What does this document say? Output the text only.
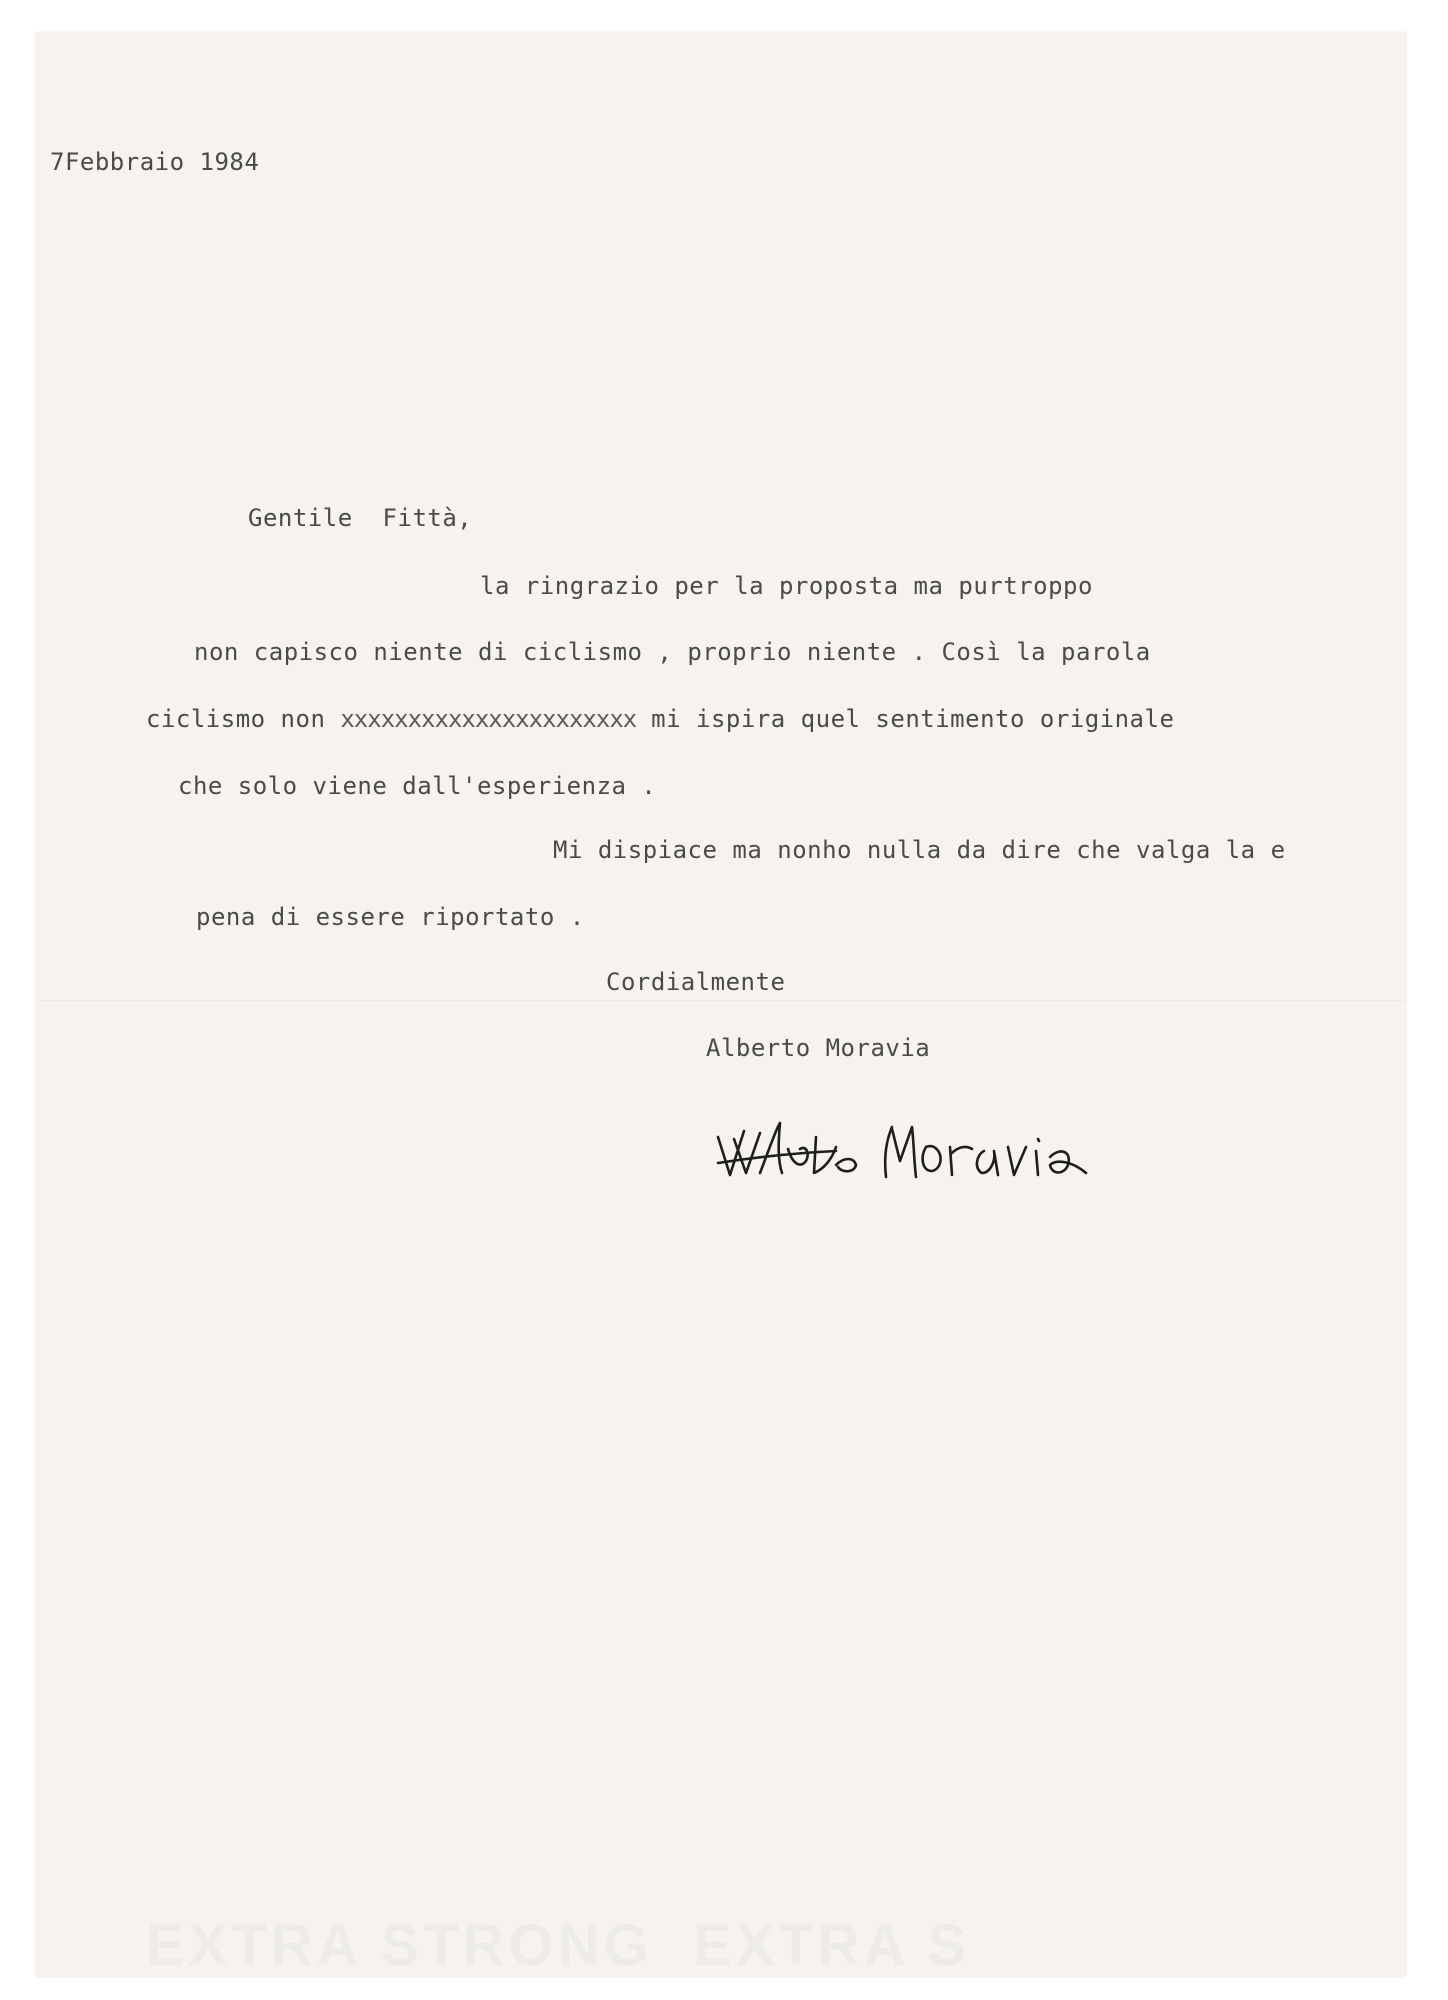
7Febbraio 1984
Gentile  Fittà,
la ringrazio per la proposta ma purtroppo
non capisco niente di ciclismo , proprio niente . Così la parola
ciclismo non xxxxxxxxxxxxxxxxxxxxxx mi ispira quel sentimento originale
che solo viene dall'esperienza .
Mi dispiace ma nonho nulla da dire che valga la e
pena di essere riportato .
Cordialmente
Alberto Moravia
EXTRA STRONG  EXTRA S
